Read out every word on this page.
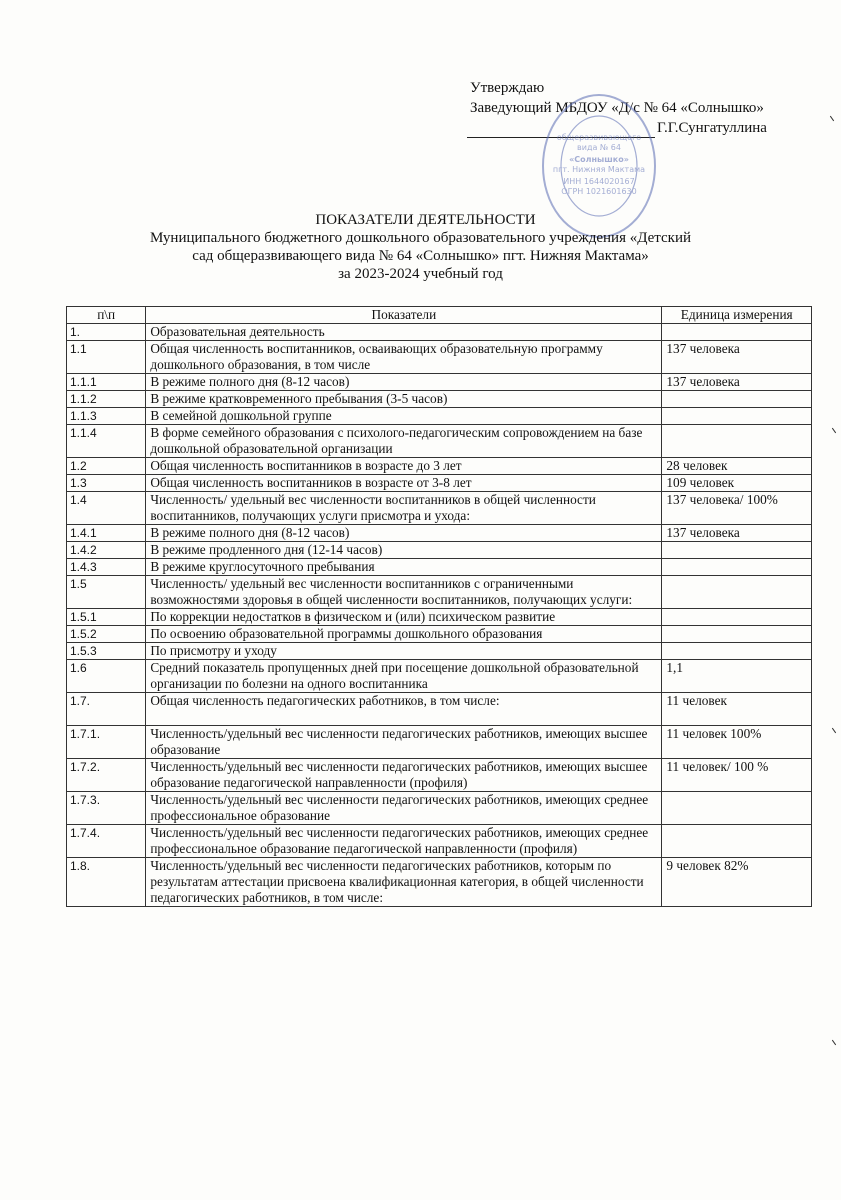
Утверждаю
Заведующий МБДОУ «Д/с № 64 «Солнышко»
Г.Г.Сунгатуллина
общеразвивающего
вида № 64
«Солнышко»
пгт. Нижняя Мактама
ИНН 1644020167
ОГРН 1021601630
ПОКАЗАТЕЛИ ДЕЯТЕЛЬНОСТИ
Муниципального бюджетного дошкольного образовательного учреждения «Детский
сад общеразвивающего вида № 64 «Солнышко» пгт. Нижняя Мактама»
за 2023-2024 учебный год
п\п	Показатели	Единица измерения
1.	Образовательная деятельность	
1.1	Общая численность воспитанников, осваивающих образовательную программу дошкольного образования, в том числе	137 человека
1.1.1	В режиме полного дня (8-12 часов)	137 человека
1.1.2	В режиме кратковременного пребывания (3-5 часов)	
1.1.3	В семейной дошкольной группе	
1.1.4	В форме семейного образования с психолого-педагогическим сопровождением на базе дошкольной образовательной организации	
1.2	Общая численность воспитанников в возрасте до 3 лет	28 человек
1.3	Общая численность воспитанников в возрасте от 3-8 лет	109 человек
1.4	Численность/ удельный вес численности воспитанников в общей численности воспитанников, получающих услуги присмотра и ухода:	137 человека/ 100%
1.4.1	В режиме полного дня (8-12 часов)	137 человека
1.4.2	В режиме продленного дня (12-14 часов)	
1.4.3	В режиме круглосуточного пребывания	
1.5	Численность/ удельный вес численности воспитанников с ограниченными возможностями здоровья в общей численности воспитанников, получающих услуги:	
1.5.1	По коррекции недостатков в физическом и (или) психическом развитие	
1.5.2	По освоению образовательной программы дошкольного образования	
1.5.3	По присмотру и уходу	
1.6	Средний показатель пропущенных дней при посещение дошкольной образовательной организации по болезни на одного воспитанника	1,1
1.7.	Общая численность педагогических работников, в том числе:	11 человек
1.7.1.	Численность/удельный вес численности педагогических работников, имеющих высшее образование	11 человек 100%
1.7.2.	Численность/удельный вес численности педагогических работников, имеющих высшее образование педагогической направленности (профиля)	11 человек/ 100 %
1.7.3.	Численность/удельный вес численности педагогических работников, имеющих среднее профессиональное образование	
1.7.4.	Численность/удельный вес численности педагогических работников, имеющих среднее профессиональное образование педагогической направленности (профиля)	
1.8.	Численность/удельный вес численности педагогических работников, которым по результатам аттестации присвоена квалификационная категория, в общей численности педагогических работников, в том числе:	9 человек 82%
